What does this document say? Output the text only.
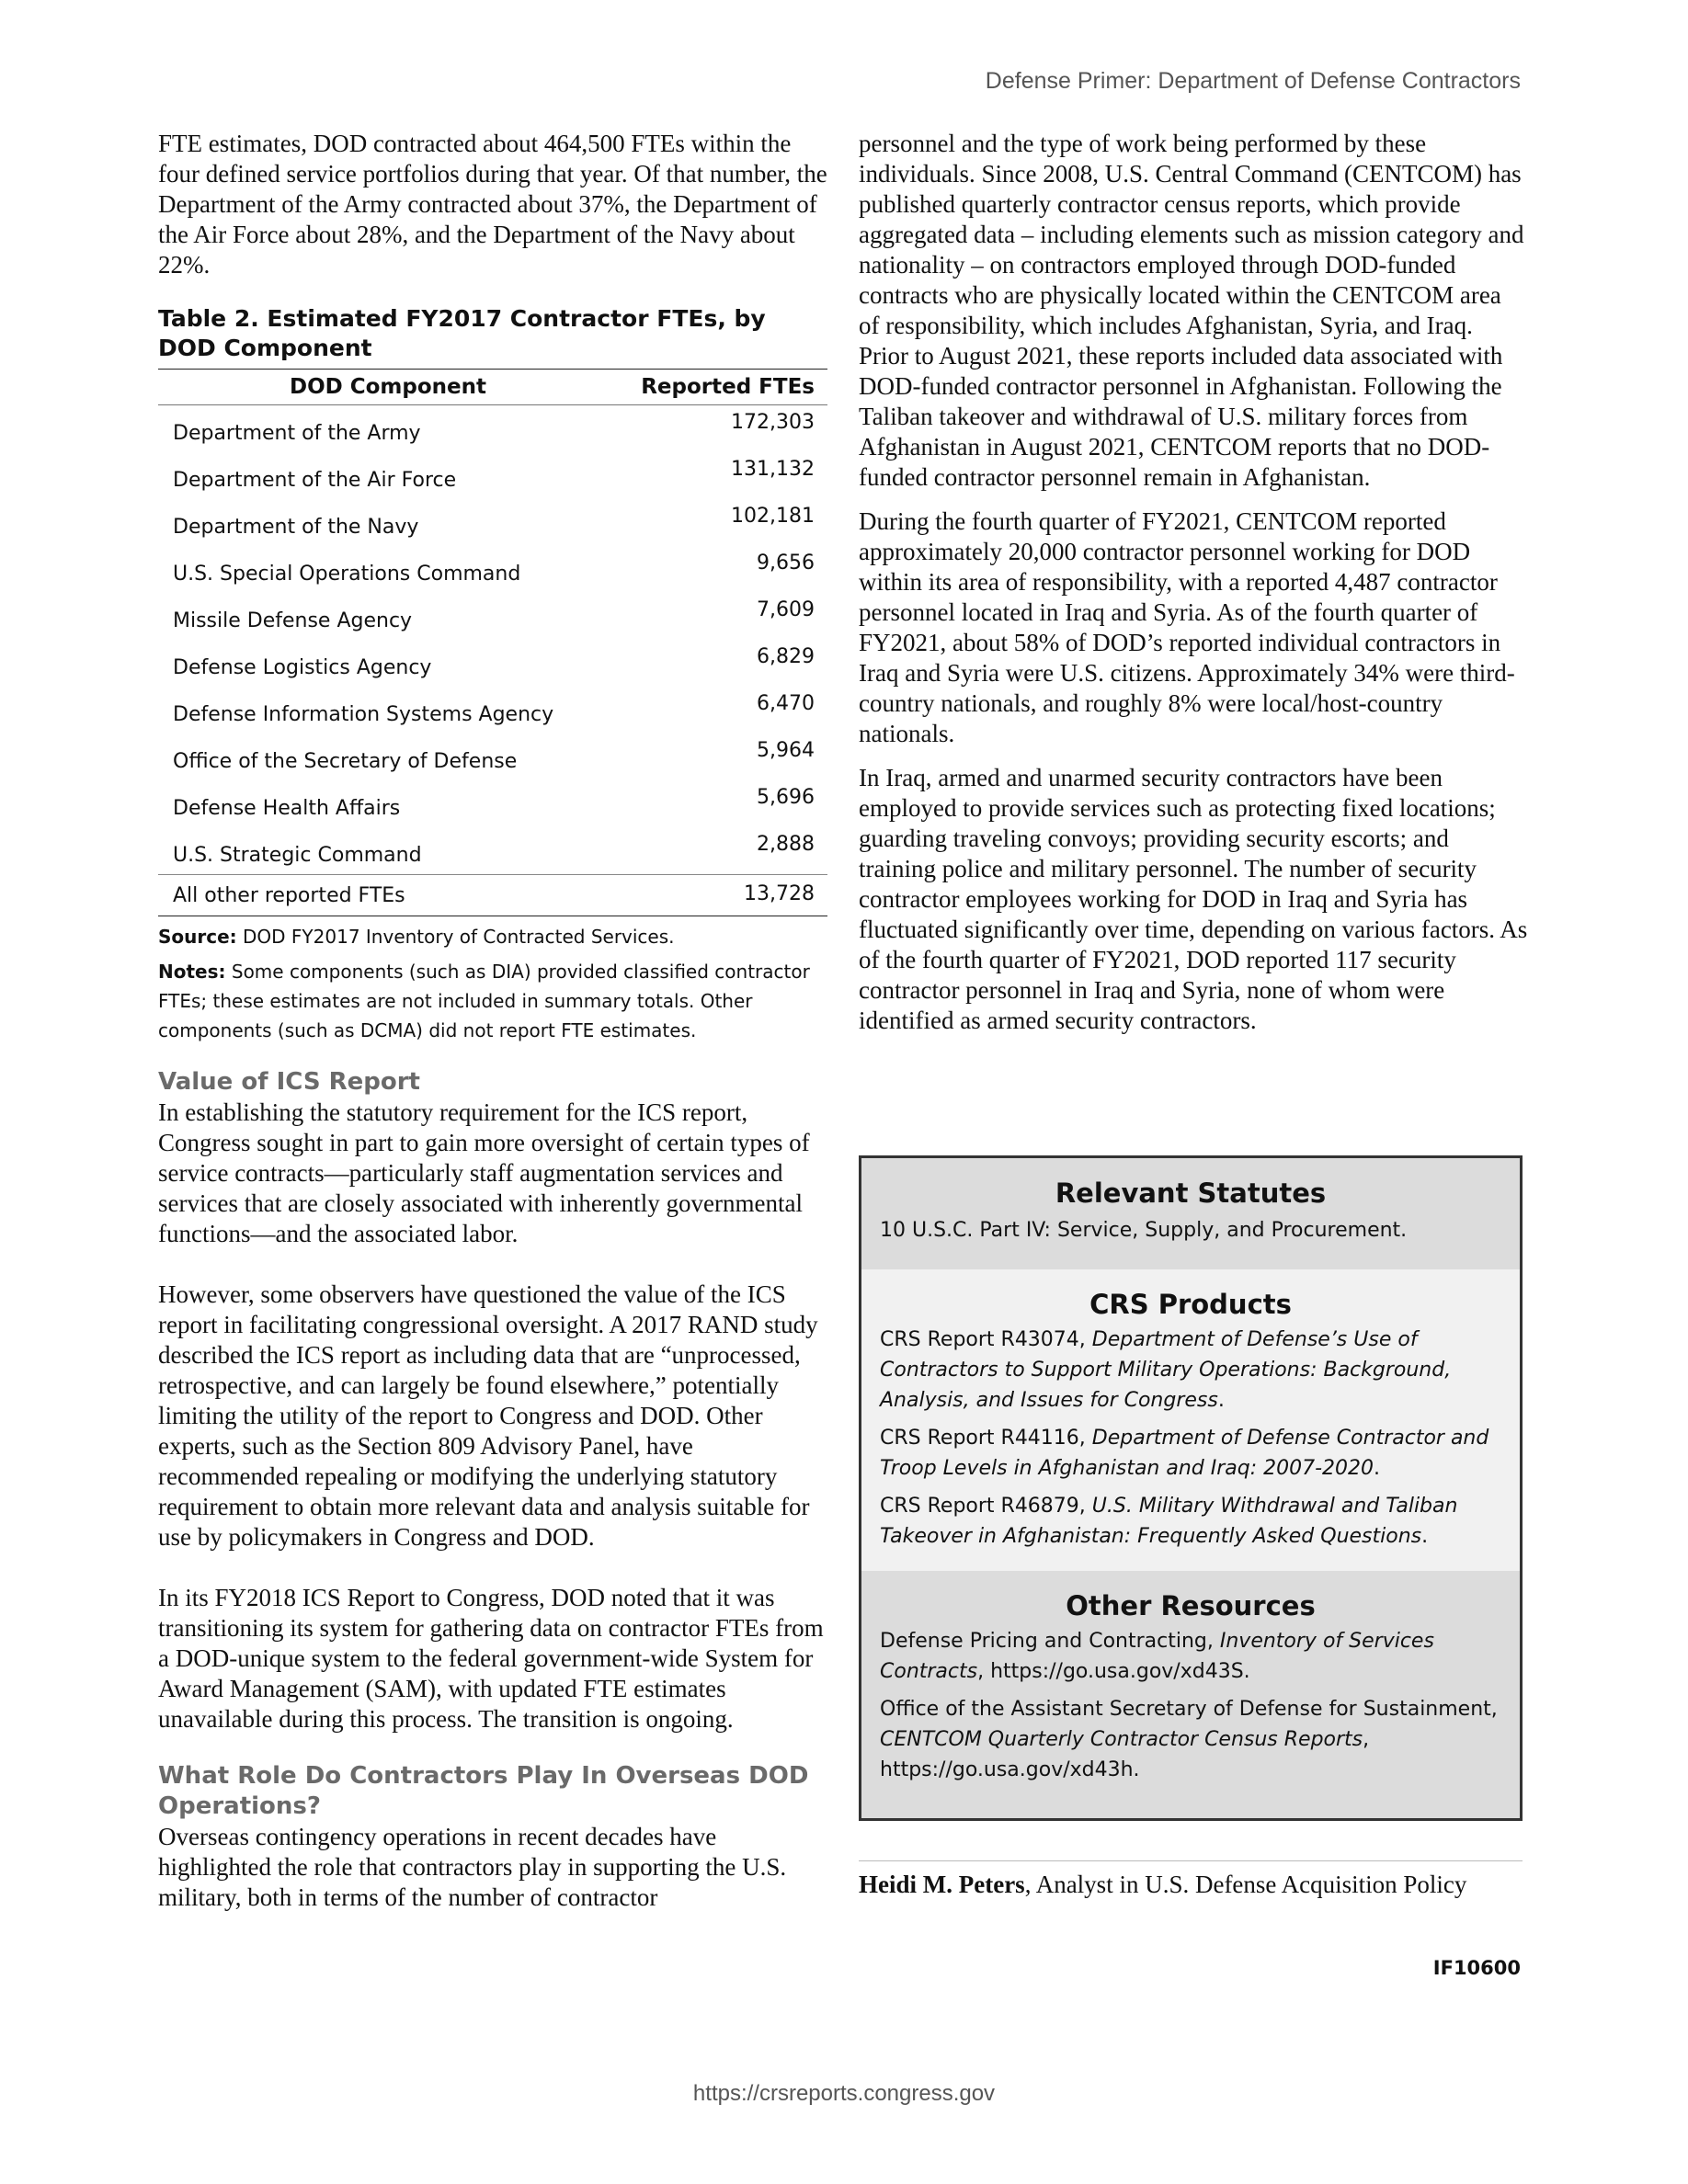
Defense Primer: Department of Defense Contractors

FTE estimates, DOD contracted about 464,500 FTEs within the four defined service portfolios during that year. Of that number, the Department of the Army contracted about 37%, the Department of the Air Force about 28%, and the Department of the Navy about 22%.

Table 2. Estimated FY2017 Contractor FTEs, by DOD Component
DOD Component	Reported FTEs
Department of the Army	172,303
Department of the Air Force	131,132
Department of the Navy	102,181
U.S. Special Operations Command	9,656
Missile Defense Agency	7,609
Defense Logistics Agency	6,829
Defense Information Systems Agency	6,470
Office of the Secretary of Defense	5,964
Defense Health Affairs	5,696
U.S. Strategic Command	2,888
All other reported FTEs	13,728

Source: DOD FY2017 Inventory of Contracted Services.

Notes: Some components (such as DIA) provided classified contractor FTEs; these estimates are not included in summary totals. Other components (such as DCMA) did not report FTE estimates.

Value of ICS Report

In establishing the statutory requirement for the ICS report, Congress sought in part to gain more oversight of certain types of service contracts—particularly staff augmentation services and services that are closely associated with inherently governmental functions—and the associated labor.

However, some observers have questioned the value of the ICS report in facilitating congressional oversight. A 2017 RAND study described the ICS report as including data that are “unprocessed, retrospective, and can largely be found elsewhere,” potentially limiting the utility of the report to Congress and DOD. Other experts, such as the Section 809 Advisory Panel, have recommended repealing or modifying the underlying statutory requirement to obtain more relevant data and analysis suitable for use by policymakers in Congress and DOD.

In its FY2018 ICS Report to Congress, DOD noted that it was transitioning its system for gathering data on contractor FTEs from a DOD-unique system to the federal government-wide System for Award Management (SAM), with updated FTE estimates unavailable during this process. The transition is ongoing.

What Role Do Contractors Play In Overseas DOD Operations?

Overseas contingency operations in recent decades have highlighted the role that contractors play in supporting the U.S. military, both in terms of the number of contractor

personnel and the type of work being performed by these individuals. Since 2008, U.S. Central Command (CENTCOM) has published quarterly contractor census reports, which provide aggregated data – including elements such as mission category and nationality – on contractors employed through DOD-funded contracts who are physically located within the CENTCOM area of responsibility, which includes Afghanistan, Syria, and Iraq. Prior to August 2021, these reports included data associated with DOD-funded contractor personnel in Afghanistan. Following the Taliban takeover and withdrawal of U.S. military forces from Afghanistan in August 2021, CENTCOM reports that no DOD-funded contractor personnel remain in Afghanistan.

During the fourth quarter of FY2021, CENTCOM reported approximately 20,000 contractor personnel working for DOD within its area of responsibility, with a reported 4,487 contractor personnel located in Iraq and Syria. As of the fourth quarter of FY2021, about 58% of DOD’s reported individual contractors in Iraq and Syria were U.S. citizens. Approximately 34% were third-country nationals, and roughly 8% were local/host-country nationals.

In Iraq, armed and unarmed security contractors have been employed to provide services such as protecting fixed locations; guarding traveling convoys; providing security escorts; and training police and military personnel. The number of security contractor employees working for DOD in Iraq and Syria has fluctuated significantly over time, depending on various factors. As of the fourth quarter of FY2021, DOD reported 117 security contractor personnel in Iraq and Syria, none of whom were identified as armed security contractors.

Relevant Statutes

10 U.S.C. Part IV: Service, Supply, and Procurement.

CRS Products

CRS Report R43074, Department of Defense’s Use of Contractors to Support Military Operations: Background, Analysis, and Issues for Congress.

CRS Report R44116, Department of Defense Contractor and Troop Levels in Afghanistan and Iraq: 2007-2020.

CRS Report R46879, U.S. Military Withdrawal and Taliban Takeover in Afghanistan: Frequently Asked Questions.

Other Resources

Defense Pricing and Contracting, Inventory of Services Contracts, https://go.usa.gov/xd43S.

Office of the Assistant Secretary of Defense for Sustainment, CENTCOM Quarterly Contractor Census Reports, https://go.usa.gov/xd43h.

Heidi M. Peters, Analyst in U.S. Defense Acquisition Policy

IF10600
https://crsreports.congress.gov
